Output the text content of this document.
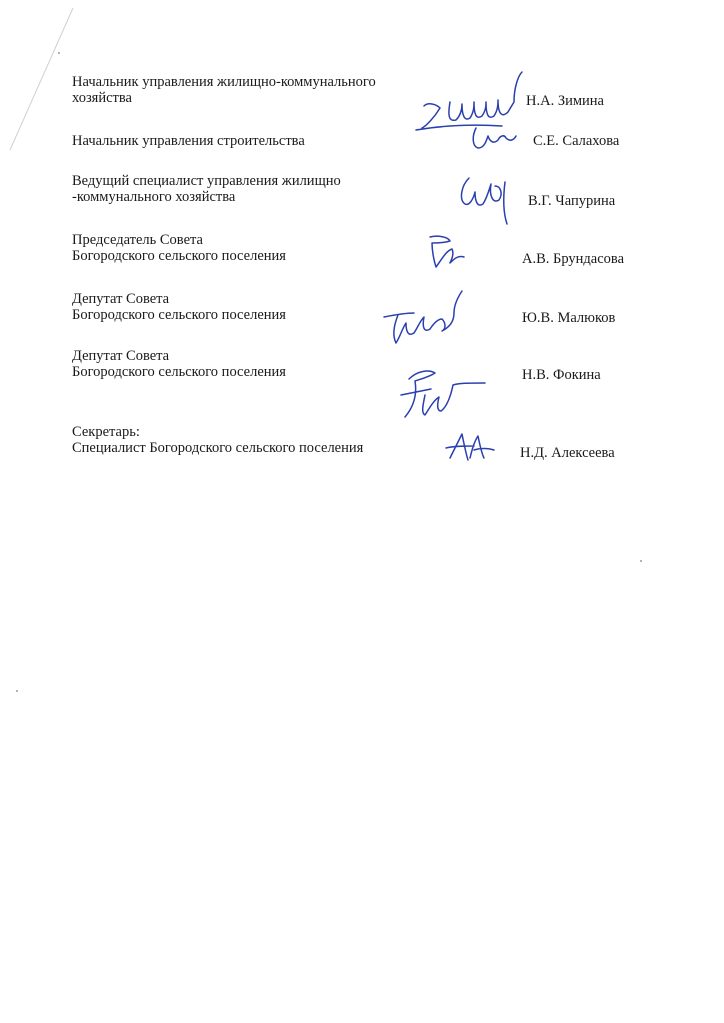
Начальник управления жилищно-коммунального
хозяйства	Н.А. Зимина
Начальник управления строительства	С.Е. Салахова
Ведущий специалист управления жилищно
-коммунального хозяйства	В.Г. Чапурина
Председатель Совета
Богородского сельского поселения	А.В. Брундасова
Депутат Совета
Богородского сельского поселения	Ю.В. Малюков
Депутат Совета
Богородского сельского поселения	Н.В. Фокина
Секретарь:
Специалист Богородского сельского поселения	Н.Д. Алексеева
